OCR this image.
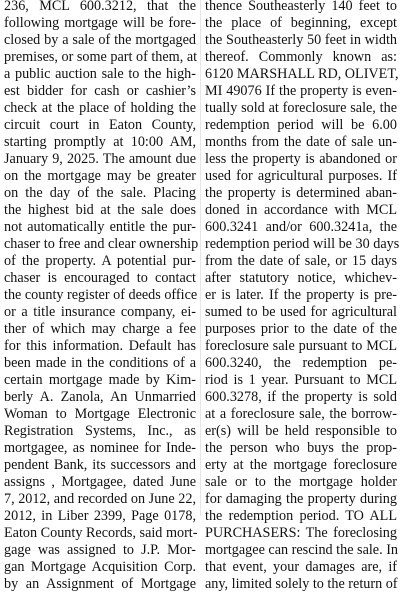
236, MCL 600.3212, that the
following mortgage will be fore-
closed by a sale of the mortgaged
premises, or some part of them, at
a public auction sale to the high-
est bidder for cash or cashier’s
check at the place of holding the
circuit court in Eaton County,
starting promptly at 10:00 AM,
January 9, 2025. The amount due
on the mortgage may be greater
on the day of the sale. Placing
the highest bid at the sale does
not automatically entitle the pur-
chaser to free and clear ownership
of the property. A potential pur-
chaser is encouraged to contact
the county register of deeds office
or a title insurance company, ei-
ther of which may charge a fee
for this information. Default has
been made in the conditions of a
certain mortgage made by Kim-
berly A. Zanola, An Unmarried
Woman to Mortgage Electronic
Registration Systems, Inc., as
mortgagee, as nominee for Inde-
pendent Bank, its successors and
assigns , Mortgagee, dated June
7, 2012, and recorded on June 22,
2012, in Liber 2399, Page 0178,
Eaton County Records, said mort-
gage was assigned to J.P. Mor-
gan Mortgage Acquisition Corp.
by an Assignment of Mortgage
thence Southeasterly 140 feet to
the place of beginning, except
the Southeasterly 50 feet in width
thereof. Commonly known as:
6120 MARSHALL RD, OLIVET,
MI 49076 If the property is even-
tually sold at foreclosure sale, the
redemption period will be 6.00
months from the date of sale un-
less the property is abandoned or
used for agricultural purposes. If
the property is determined aban-
doned in accordance with MCL
600.3241 and/or 600.3241a, the
redemption period will be 30 days
from the date of sale, or 15 days
after statutory notice, whichev-
er is later. If the property is pre-
sumed to be used for agricultural
purposes prior to the date of the
foreclosure sale pursuant to MCL
600.3240, the redemption pe-
riod is 1 year. Pursuant to MCL
600.3278, if the property is sold
at a foreclosure sale, the borrow-
er(s) will be held responsible to
the person who buys the prop-
erty at the mortgage foreclosure
sale or to the mortgage holder
for damaging the property during
the redemption period. TO ALL
PURCHASERS: The foreclosing
mortgagee can rescind the sale. In
that event, your damages are, if
any, limited solely to the return of
